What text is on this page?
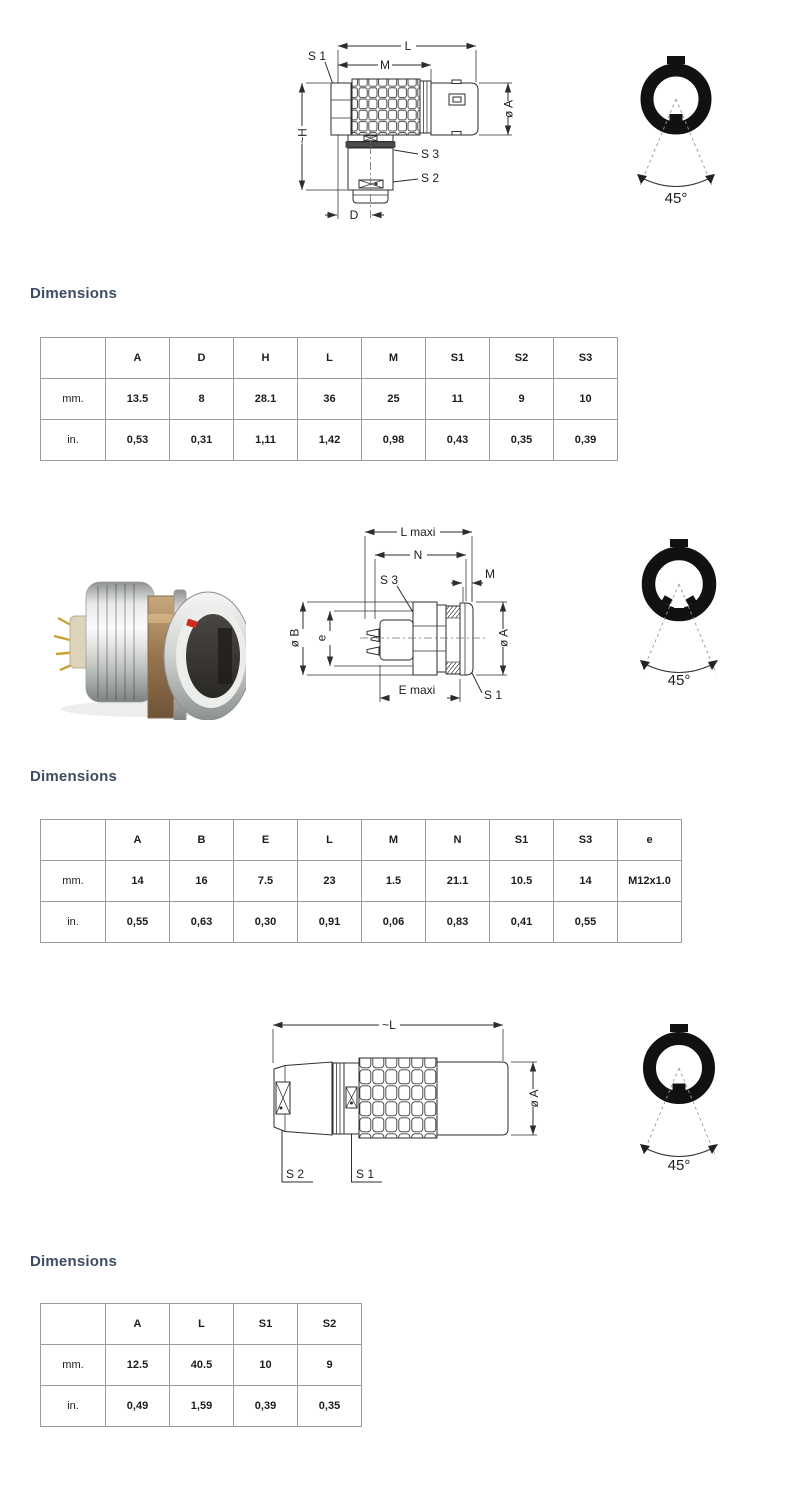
L
M
S 1
~H
ø A
S 3
S 2
D
45°
Dimensions
	A	D	H	L	M	S1	S2	S3
mm.	13.5	8	28.1	36	25	11	9	10
in.	0,53	0,31	1,11	1,42	0,98	0,43	0,35	0,39
L maxi
N
S 3	M
ø B e	ø A
E maxi	S 1
45°
Dimensions
	A	B	E	L	M	N	S1	S3	e
mm.	14	16	7.5	23	1.5	21.1	10.5	14	M12x1.0
in.	0,55	0,63	0,30	0,91	0,06	0,83	0,41	0,55	
~L
ø A
S 2	S 1	45°
Dimensions
	A	L	S1	S2
mm.	12.5	40.5	10	9
in.	0,49	1,59	0,39	0,35
